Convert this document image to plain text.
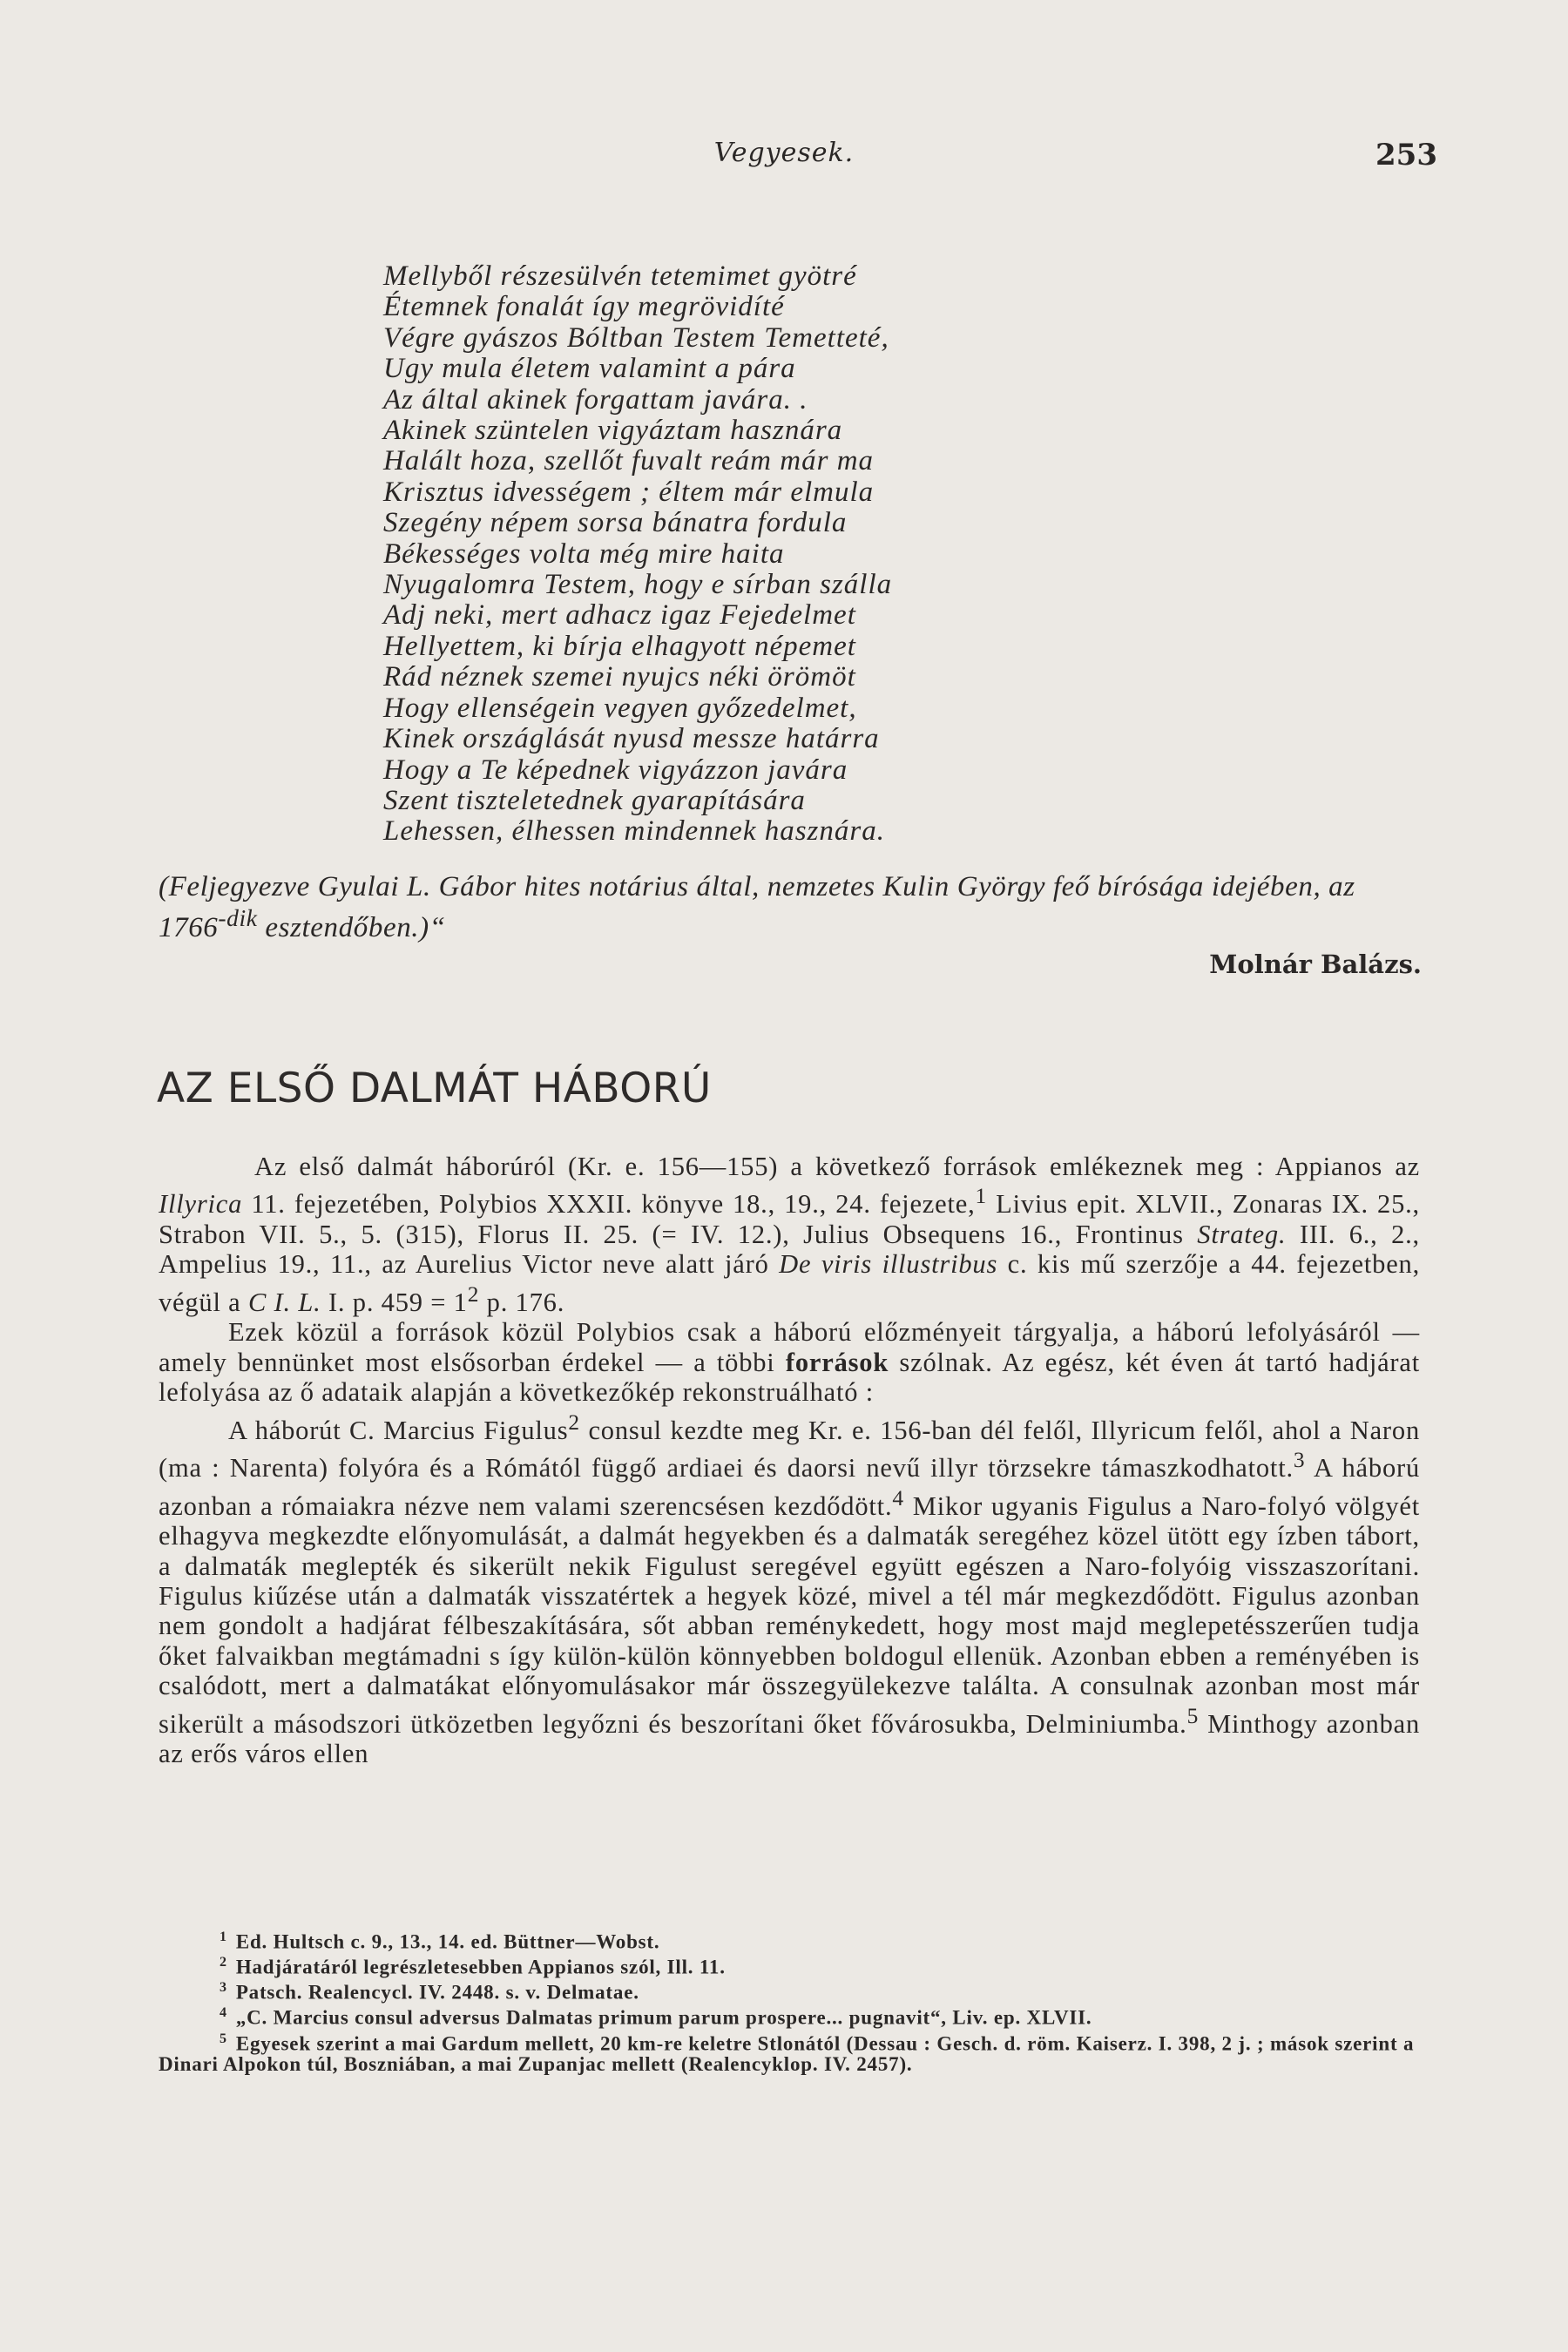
Vegyesek.	253
Mellyből részesülvén tetemimet gyötré
Étemnek fonalát így megrövidíté
Végre gyászos Bóltban Testem Temetteté,
Ugy mula életem valamint a pára
Az által akinek forgattam javára. .
Akinek szüntelen vigyáztam hasznára
Halált hoza, szellőt fuvalt reám már ma
Krisztus idvességem ; éltem már elmula
Szegény népem sorsa bánatra fordula
Békességes volta még mire haita
Nyugalomra Testem, hogy e sírban szálla
Adj neki, mert adhacz igaz Fejedelmet
Hellyettem, ki bírja elhagyott népemet
Rád néznek szemei nyujcs néki örömöt
Hogy ellenségein vegyen győzedelmet,
Kinek országlását nyusd messze határra
Hogy a Te képednek vigyázzon javára
Szent tiszteletednek gyarapítására
Lehessen, élhessen mindennek hasznára.
(Feljegyezve Gyulai L. Gábor hites notárius által, nemzetes Kulin György feő bírósága idejében, az $1766^{-dik}$ esztendőben.)“
Molnár Balázs.
AZ ELSŐ DALMÁT HÁBORÚ

Az első dalmát háborúról (Kr. e. 156—155) a következő források emlékeznek meg : Appianos az Illyrica 11. fejezetében, Polybios XXXII. könyve 18., 19., 24. fejezete,$^1$ Livius epit. XLVII., Zonaras IX. 25., Strabon VII. 5., 5. (315), Florus II. 25. (= IV. 12.), Julius Obsequens 16., Frontinus Strateg. III. 6., 2., Ampelius 19., 11., az Aurelius Victor neve alatt járó De viris illustribus c. kis mű szerzője a 44. fejezetben, végül a C I. L. I. p. $459 = 1^2$ p. 176.

Ezek közül a források közül Polybios csak a háború előzményeit tárgyalja, a háború lefolyásáról — amely bennünket most elsősorban érdekel — a többi források szólnak. Az egész, két éven át tartó hadjárat lefolyása az ő adataik alapján a következőkép rekonstruálható :

A háborút C. Marcius Figulus$^2$ consul kezdte meg Kr. e. 156-ban dél felől, Illyricum felől, ahol a Naron (ma : Narenta) folyóra és a Rómától függő ardiaei és daorsi nevű illyr törzsekre támaszkodhatott.$^3$ A háború azonban a rómaiakra nézve nem valami szerencsésen kezdődött.$^4$ Mikor ugyanis Figulus a Naro-folyó völgyét elhagyva megkezdte előnyomulását, a dalmát hegyekben és a dalmaták seregéhez közel ütött egy ízben tábort, a dalmaták meglepték és sikerült nekik Figulust seregével együtt egészen a Naro-folyóig visszaszorítani. Figulus kiűzése után a dalmaták visszatértek a hegyek közé, mivel a tél már megkezdődött. Figulus azonban nem gondolt a hadjárat félbeszakítására, sőt abban reménykedett, hogy most majd meglepetésszerűen tudja őket falvaikban megtámadni s így külön-külön könnyebben boldogul ellenük. Azonban ebben a reményében is csalódott, mert a dalmatákat előnyomulásakor már összegyülekezve találta. A consulnak azonban most már sikerült a másodszori ütközetben legyőzni és beszorítani őket fővárosukba, Delminiumba.$^5$ Minthogy azonban az erős város ellen

$^1$ Ed. Hultsch c. 9., 13., 14. ed. Büttner—Wobst.

$^2$ Hadjáratáról legrészletesebben Appianos szól, Ill. 11.

$^3$ Patsch. Realencycl. IV. 2448. s. v. Delmatae.

$^4$ „C. Marcius consul adversus Dalmatas primum parum prospere... pugnavit“, Liv. ep. XLVII.

$^5$ Egyesek szerint a mai Gardum mellett, 20 km-re keletre Stlonától (Dessau : Gesch. d. röm. Kaiserz. I. 398, 2 j. ; mások szerint a Dinari Alpokon túl, Boszniában, a mai Zupanjac mellett (Realencyklop. IV. 2457).
